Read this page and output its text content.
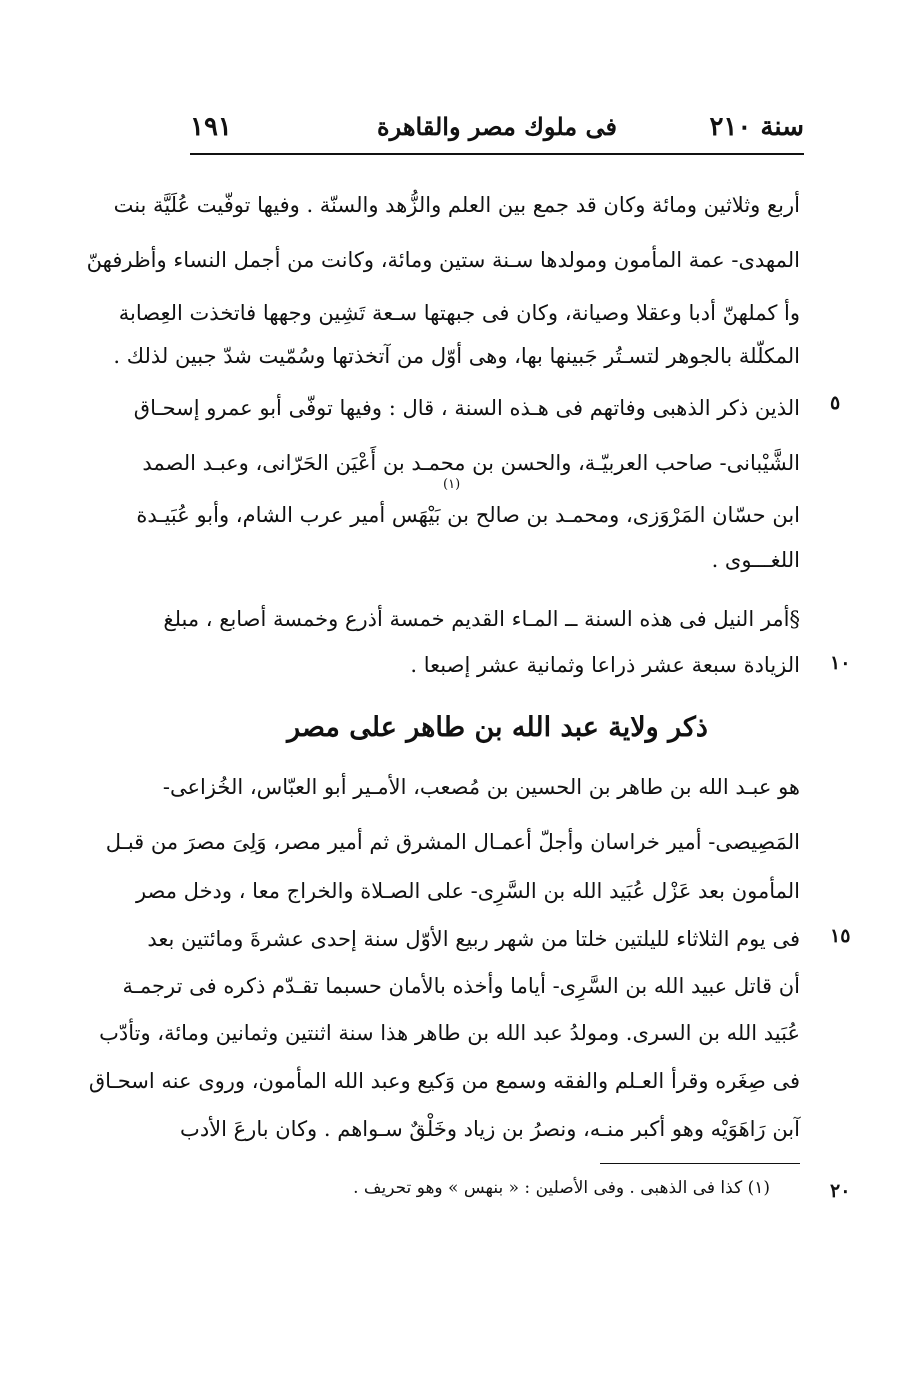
سنة ٢١٠
فى ملوك مصر والقاهرة
١٩١
أربع وثلاثين ومائة وكان قد جمع بين العلم والزُّهد والسنّة . وفيها توفّيت عُلَيَّة بنت
المهدى- عمة المأمون ومولدها سـنة ستين ومائة، وكانت من أجمل النساء وأظرفهنّ
وأ كملهنّ أدبا وعقلا وصيانة، وكان فى جبهتها سـعة تَشِين وجهها فاتخذت العِصابة
المكلّلة بالجوهر لتسـتُر جَبينها بها، وهى أوّل من آتخذتها وسُمّيت شدّ جبين لذلك .
٥
الذين ذكر الذهبى وفاتهم فى هـذه السنة ، قال : وفيها توفّى أبو عمرو إسحـاق
الشَّيْبانى- صاحب العربيّـة، والحسن بن محمـد بن أَعْيَن الحَرّانى، وعبـد الصمد
(١)
ابن حسّان المَرْوَزى، ومحمـد بن صالح بن بَيْهَس أمير عرب الشام، وأبو عُبَيـدة
اللغـــوى .
§أمر النيل فى هذه السنة ــ المـاء القديم خمسة أذرع وخمسة أصابع ، مبلغ
١٠
الزيادة سبعة عشر ذراعا وثمانية عشر إصبعا .
ذكر ولاية عبد الله بن طاهر على مصر
هو عبـد الله بن طاهر بن الحسين بن مُصعب، الأمـير أبو العبّاس، الخُزاعى-
المَصِيصى- أمير خراسان وأجلّ أعمـال المشرق ثم أمير مصر، وَلِىَ مصرَ من قبـل
المأمون بعد عَزْل عُبَيد الله بن السَّرِى- على الصـلاة والخراج معا ، ودخل مصر
١٥
فى يوم الثلاثاء لليلتين خلتا من شهر ربيع الأوّل سنة إحدى عشرةَ ومائتين بعد
أن قاتل عبيد الله بن السَّرِى- أياما وأخذه بالأمان حسبما تقـدّم ذكره فى ترجمـة
عُبَيد الله بن السرى. ومولدُ عبد الله بن طاهر هذا سنة اثنتين وثمانين ومائة، وتأدّب
فى صِغَره وقرأ العـلم والفقه وسمع من وَكيع وعبد الله المأمون، وروى عنه اسحـاق
آبن رَاهَوَيْه وهو أكبر منـه، ونصرُ بن زياد وخَلْقٌ سـواهم . وكان بارعَ الأدب
٢٠
(١) كذا فى الذهبى . وفى الأصلين : « بنهس » وهو تحريف .
